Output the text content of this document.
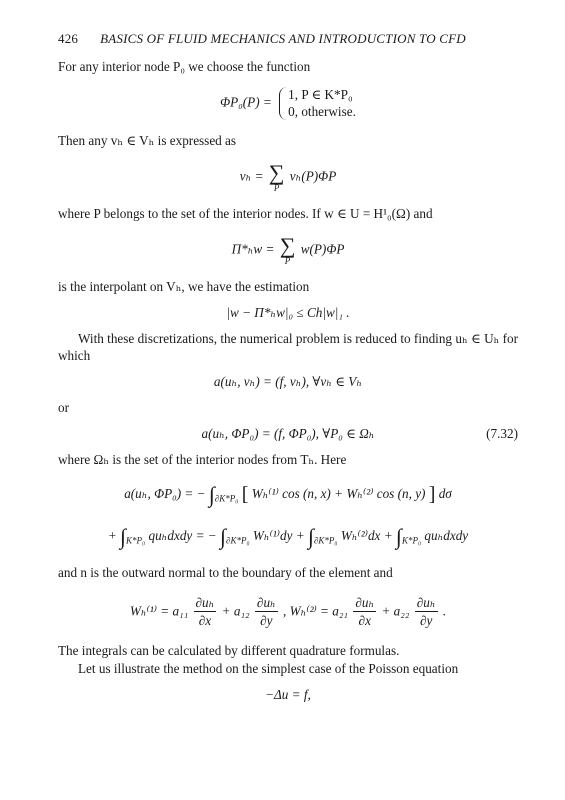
426 BASICS OF FLUID MECHANICS AND INTRODUCTION TO CFD

For any interior node P₀ we choose the function

ΦP₀(P) =
1, P ∈ K*P₀
0, otherwise.

Then any vₕ ∈ Vₕ is expressed as

vₕ = ∑
P
vₕ(P)ΦP

where P belongs to the set of the interior nodes. If w ∈ U = H¹₀(Ω) and

Π*ₕw = ∑
P
w(P)ΦP

is the interpolant on Vₕ, we have the estimation

|w − Π*ₕw|₀ ≤ Ch|w|₁ .

With these discretizations, the numerical problem is reduced to finding uₕ ∈ Uₕ for which

a(uₕ, vₕ) = (f, vₕ), ∀vₕ ∈ Vₕ

or

a(uₕ, ΦP₀) = (f, ΦP₀), ∀P₀ ∈ Ωₕ	(7.32)

where Ωₕ is the set of the interior nodes from Tₕ. Here

a(uₕ, ΦP₀) = − $\int_{\partial K*P_0}$ [ Wₕ⁽¹⁾ cos (n, x) + Wₕ⁽²⁾ cos (n, y) ] dσ
+ $\int_{K*P_0}$ quₕdxdy = − $\int_{\partial K*P_0}$ $W_h^{(1)}dy + \int_{\partial K*P_0}$ $W_h^{(2)}dx + \int_{K*P_0}$ quₕdxdy

and n is the outward normal to the boundary of the element and

$W_h^{(1)} = a_{11} \frac{\text{∂uₕ}}{\partial x} + a_{12} \frac{\text{∂uₕ}}{\partial y}$ , $W_h^{(2)} = a_{21} \frac{\text{∂uₕ}}{\partial x} + a_{22} \frac{\text{∂uₕ}}{\partial y}$ .

The integrals can be calculated by different quadrature formulas.

Let us illustrate the method on the simplest case of the Poisson equation

−Δu = f,
